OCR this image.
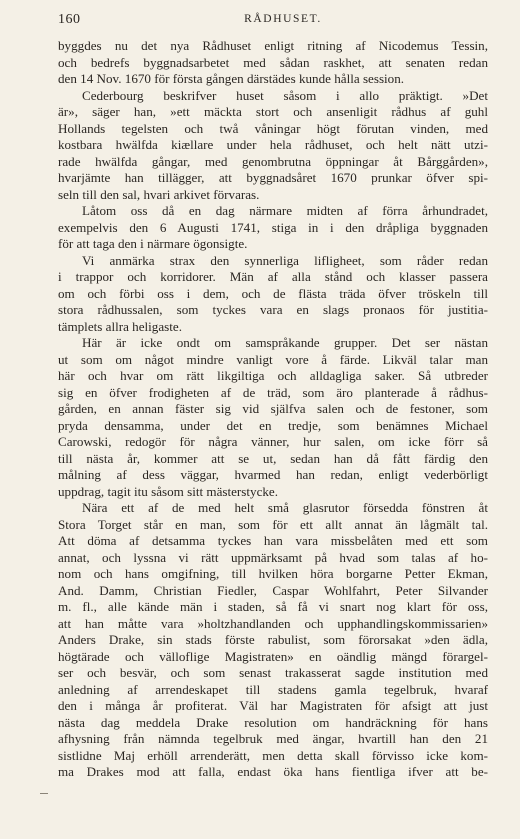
160	RÅDHUSET.
byggdes nu det nya Rådhuset enligt ritning af Nicodemus Tessin,
och bedrefs byggnadsarbetet med sådan raskhet, att senaten redan
den 14 Nov. 1670 för första gången därstädes kunde hålla session.
Cederbourg beskrifver huset såsom i allo präktigt. »Det
är», säger han, »ett mäckta stort och ansenligit rådhus af guhl
Hollands tegelsten och twå våningar högt förutan vinden, med
kostbara hwälfda kiællare under hela rådhuset, och helt nätt utzi-
rade hwälfda gångar, med genombrutna öppningar åt Bårggården»,
hvarjämte han tillägger, att byggnadsåret 1670 prunkar öfver spi-
seln till den sal, hvari arkivet förvaras.
Låtom oss då en dag närmare midten af förra århundradet,
exempelvis den 6 Augusti 1741, stiga in i den dråpliga byggnaden
för att taga den i närmare ögonsigte.
Vi anmärka strax den synnerliga lifligheet, som råder redan
i trappor och korridorer. Män af alla stånd och klasser passera
om och förbi oss i dem, och de flästa träda öfver tröskeln till
stora rådhussalen, som tyckes vara en slags pronaos för justitia-
tämplets allra heligaste.
Här är icke ondt om samspråkande grupper. Det ser nästan
ut som om något mindre vanligt vore å färde. Likväl talar man
här och hvar om rätt likgiltiga och alldagliga saker. Så utbreder
sig en öfver frodigheten af de träd, som äro planterade å rådhus-
gården, en annan fäster sig vid själfva salen och de festoner, som
pryda densamma, under det en tredje, som benämnes Michael
Carowski, redogör för några vänner, hur salen, om icke förr så
till nästa år, kommer att se ut, sedan han då fått färdig den
målning af dess väggar, hvarmed han redan, enligt vederbörligt
uppdrag, tagit itu såsom sitt mästerstycke.
Nära ett af de med helt små glasrutor försedda fönstren åt
Stora Torget står en man, som för ett allt annat än lågmält tal.
Att döma af detsamma tyckes han vara missbelåten med ett som
annat, och lyssna vi rätt uppmärksamt på hvad som talas af ho-
nom och hans omgifning, till hvilken höra borgarne Petter Ekman,
And. Damm, Christian Fiedler, Caspar Wohlfahrt, Peter Silvander
m. fl., alle kände män i staden, så få vi snart nog klart för oss,
att han måtte vara »holtzhandlanden och upphandlingskommissarien»
Anders Drake, sin stads förste rabulist, som förorsakat »den ädla,
högtärade och välloflige Magistraten» en oändlig mängd förargel-
ser och besvär, och som senast trakasserat sagde institution med
anledning af arrendeskapet till stadens gamla tegelbruk, hvaraf
den i många år profiterat. Väl har Magistraten för afsigt att just
nästa dag meddela Drake resolution om handräckning för hans
afhysning från nämnda tegelbruk med ängar, hvartill han den 21
sistlidne Maj erhöll arrenderätt, men detta skall förvisso icke kom-
ma Drakes mod att falla, endast öka hans fientliga ifver att be-
